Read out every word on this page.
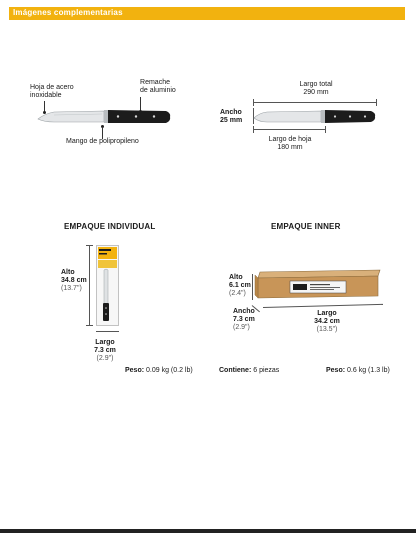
Imágenes complementarias
Hoja de acero
inoxidable
Remache
de aluminio
Mango de polipropileno
Largo total
290 mm
Ancho
25 mm
Largo de hoja
180 mm
EMPAQUE INDIVIDUAL
Alto
34.8 cm

(13.7")
Largo
7.3 cm

(2.9")
Peso: 0.09 kg (0.2 lb)
EMPAQUE INNER
Alto
6.1 cm

(2.4")
Ancho
7.3 cm

(2.9")
Largo
34.2 cm

(13.5")
Contiene: 6 piezas	Peso: 0.6 kg (1.3 lb)
